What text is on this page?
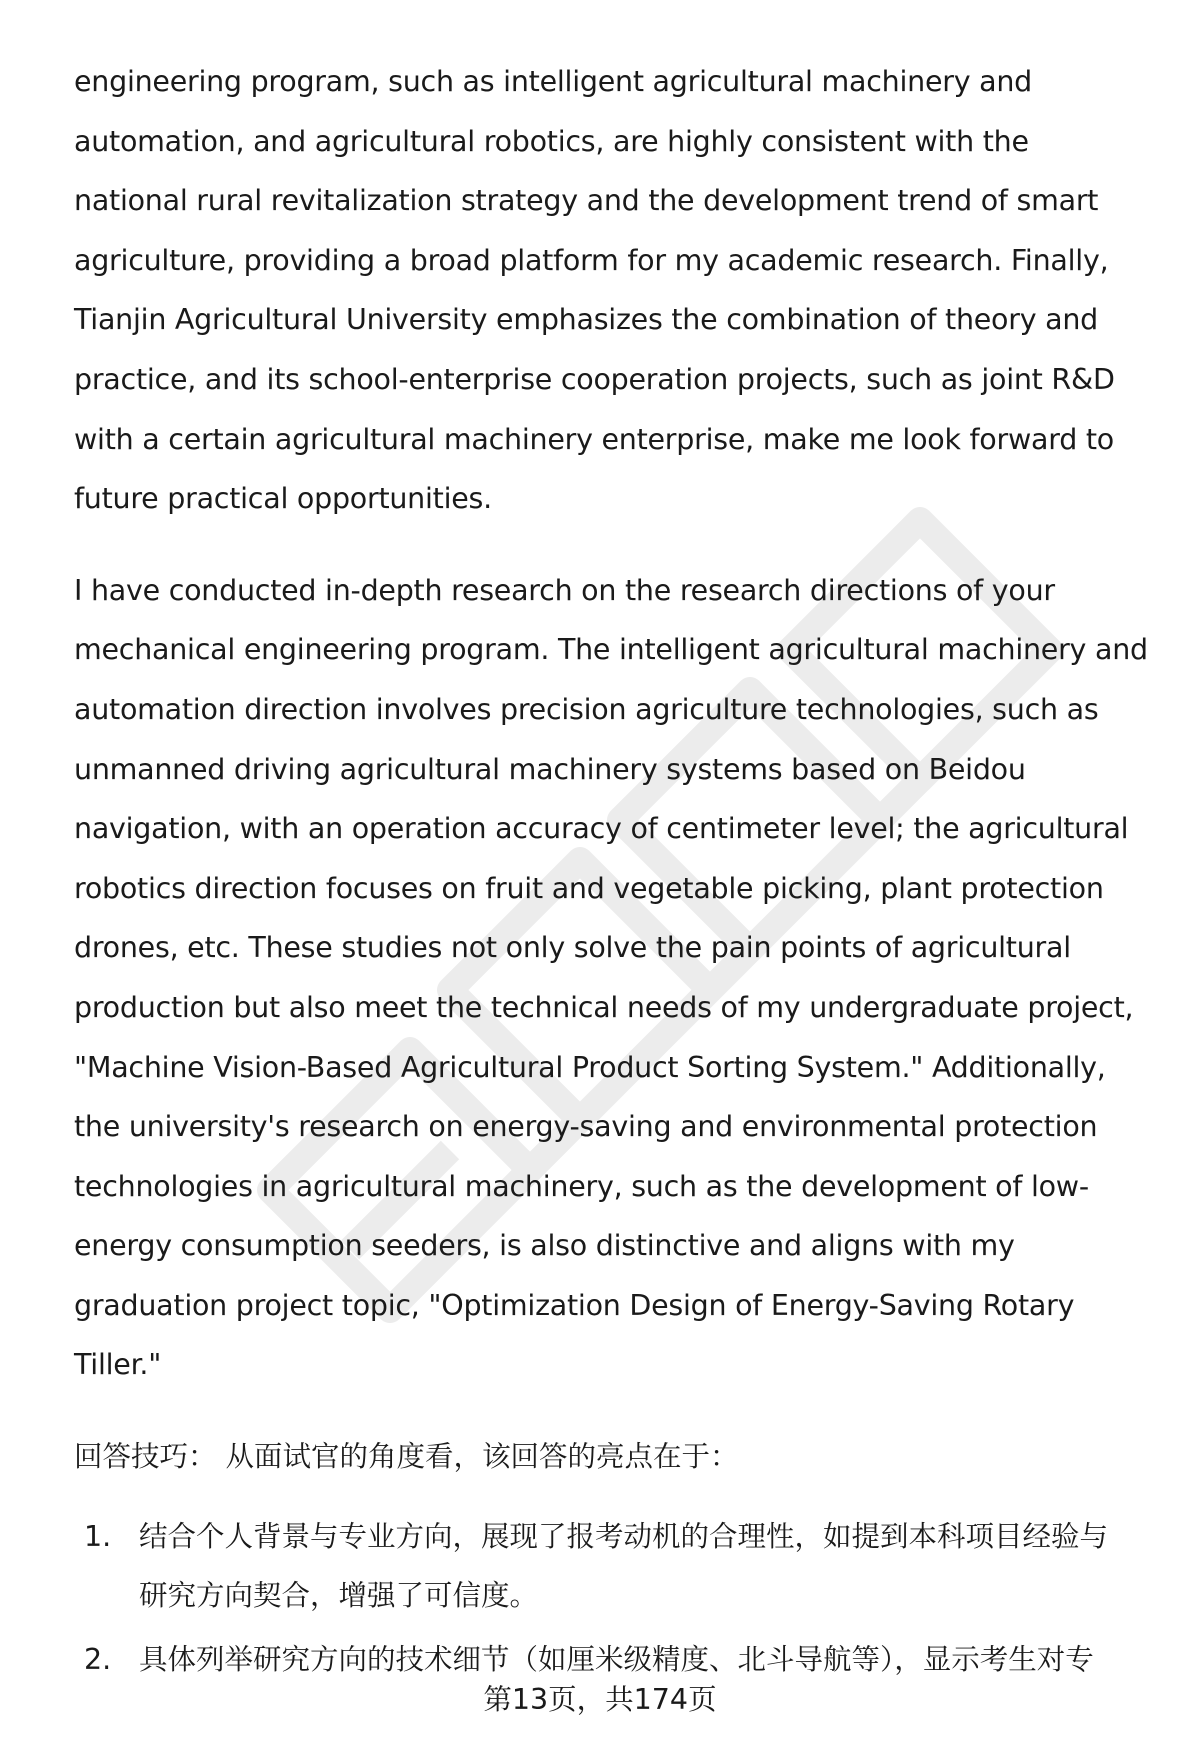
engineering program, such as intelligent agricultural machinery and
automation, and agricultural robotics, are highly consistent with the
national rural revitalization strategy and the development trend of smart
agriculture, providing a broad platform for my academic research. Finally,
Tianjin Agricultural University emphasizes the combination of theory and
practice, and its school-enterprise cooperation projects, such as joint R&D
with a certain agricultural machinery enterprise, make me look forward to
future practical opportunities.

I have conducted in-depth research on the research directions of your
mechanical engineering program. The intelligent agricultural machinery and
automation direction involves precision agriculture technologies, such as
unmanned driving agricultural machinery systems based on Beidou
navigation, with an operation accuracy of centimeter level; the agricultural
robotics direction focuses on fruit and vegetable picking, plant protection
drones, etc. These studies not only solve the pain points of agricultural
production but also meet the technical needs of my undergraduate project,
"Machine Vision-Based Agricultural Product Sorting System." Additionally,
the university's research on energy-saving and environmental protection
technologies in agricultural machinery, such as the development of low-
energy consumption seeders, is also distinctive and aligns with my
graduation project topic, "Optimization Design of Energy-Saving Rotary
Tiller."

回答技巧： 从面试官的角度看，该回答的亮点在于：

1. 结合个人背景与专业方向，展现了报考动机的合理性，如提到本科项目经验与
研究方向契合，增强了可信度。
2. 具体列举研究方向的技术细节（如厘米级精度、北斗导航等），显示考生对专
第13页，共174页
